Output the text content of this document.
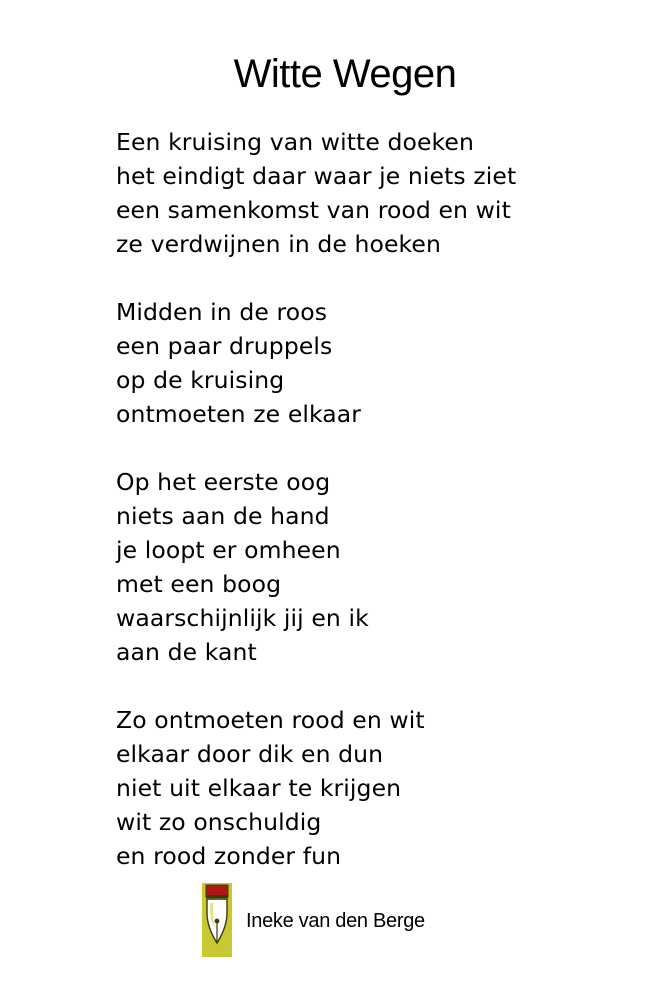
Witte Wegen
Een kruising van witte doeken
het eindigt daar waar je niets ziet
een samenkomst van rood en wit
ze verdwijnen in de hoeken
Midden in de roos
een paar druppels
op de kruising
ontmoeten ze elkaar
Op het eerste oog
niets aan de hand
je loopt er omheen
met een boog
waarschijnlijk jij en ik
aan de kant
Zo ontmoeten rood en wit
elkaar door dik en dun
niet uit elkaar te krijgen
wit zo onschuldig
en rood zonder fun
Ineke van den Berge
